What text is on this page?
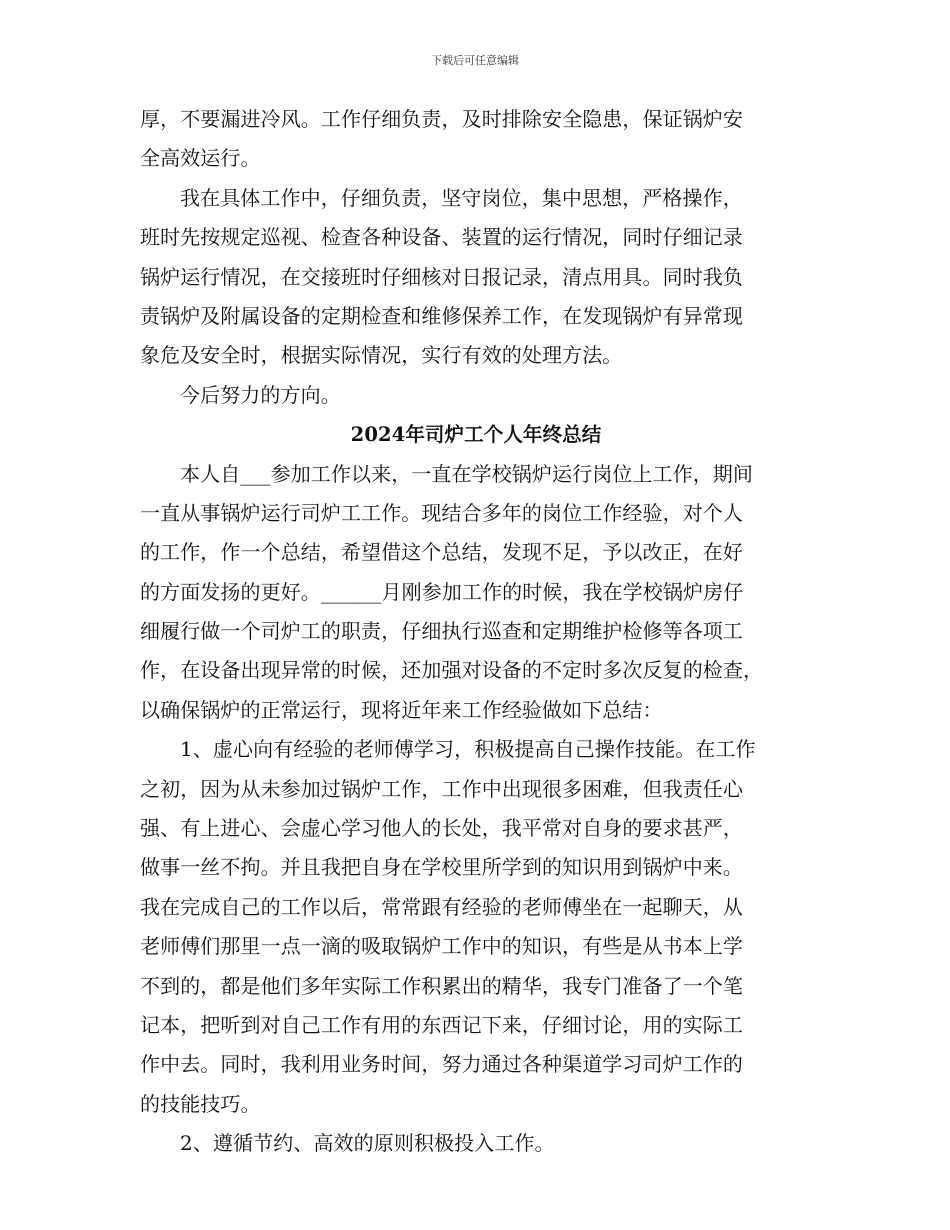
下载后可任意编辑
厚，不要漏进冷风。工作仔细负责，及时排除安全隐患，保证锅炉安
全高效运行。
我在具体工作中，仔细负责，坚守岗位，集中思想，严格操作，
班时先按规定巡视、检查各种设备、装置的运行情况，同时仔细记录
锅炉运行情况，在交接班时仔细核对日报记录，清点用具。同时我负
责锅炉及附属设备的定期检查和维修保养工作，在发现锅炉有异常现
象危及安全时，根据实际情况，实行有效的处理方法。
今后努力的方向。
2024年司炉工个人年终总结
本人自___参加工作以来，一直在学校锅炉运行岗位上工作，期间
一直从事锅炉运行司炉工工作。现结合多年的岗位工作经验，对个人
的工作，作一个总结，希望借这个总结，发现不足，予以改正，在好
的方面发扬的更好。______月刚参加工作的时候，我在学校锅炉房仔
细履行做一个司炉工的职责，仔细执行巡查和定期维护检修等各项工
作，在设备出现异常的时候，还加强对设备的不定时多次反复的检查，
以确保锅炉的正常运行，现将近年来工作经验做如下总结：
1、虚心向有经验的老师傅学习，积极提高自己操作技能。在工作
之初，因为从未参加过锅炉工作，工作中出现很多困难，但我责任心
强、有上进心、会虚心学习他人的长处，我平常对自身的要求甚严，
做事一丝不拘。并且我把自身在学校里所学到的知识用到锅炉中来。
我在完成自己的工作以后，常常跟有经验的老师傅坐在一起聊天，从
老师傅们那里一点一滴的吸取锅炉工作中的知识，有些是从书本上学
不到的，都是他们多年实际工作积累出的精华，我专门准备了一个笔
记本，把听到对自己工作有用的东西记下来，仔细讨论，用的实际工
作中去。同时，我利用业务时间，努力通过各种渠道学习司炉工作的
的技能技巧。
2、遵循节约、高效的原则积极投入工作。
